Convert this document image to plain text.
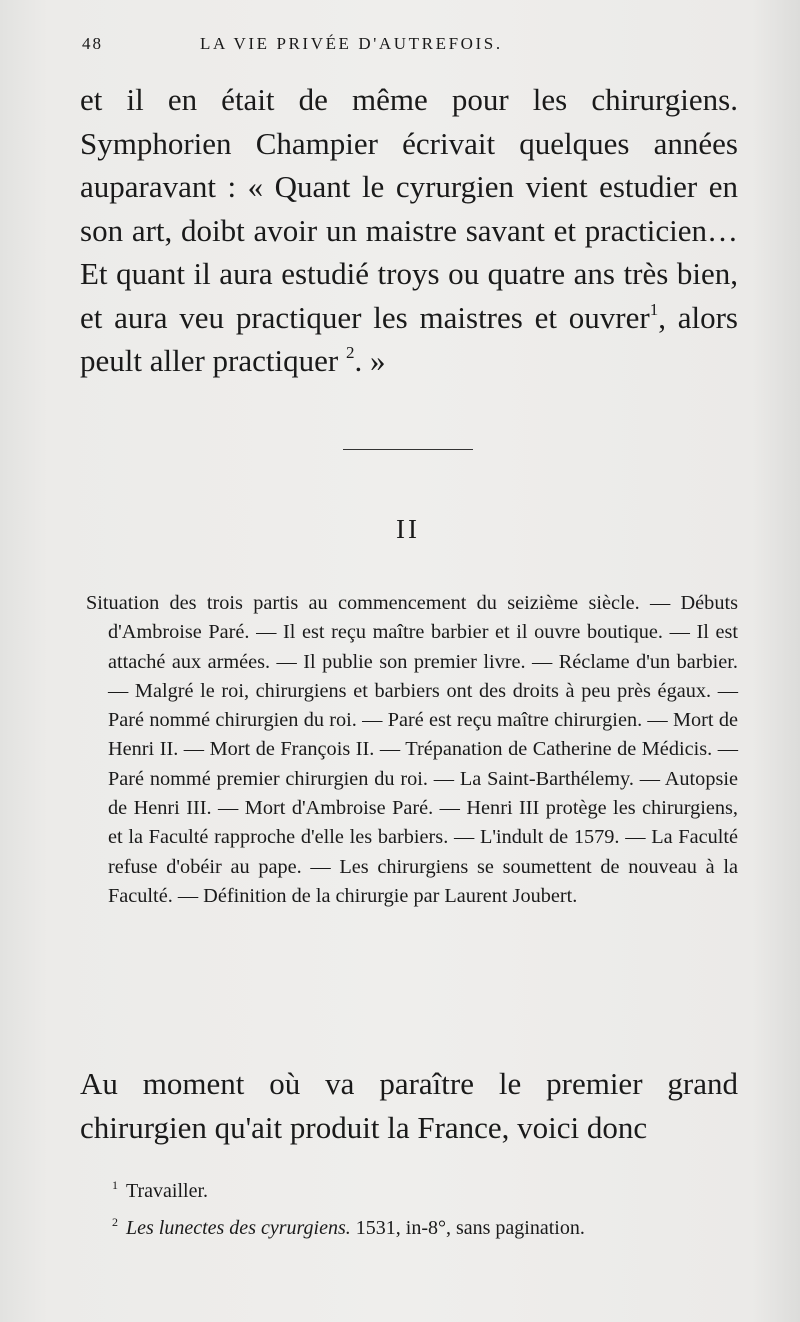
48	LA VIE PRIVÉE D'AUTREFOIS.

et il en était de même pour les chirurgiens. Symphorien Champier écrivait quelques années auparavant : « Quant le cyrurgien vient estudier en son art, doibt avoir un maistre savant et practicien… Et quant il aura estudié troys ou quatre ans très bien, et aura veu practiquer les maistres et ouvrer$^1$, alors peult aller practiquer $^2$. »

II

Situation des trois partis au commencement du seizième siècle. — Débuts d'Ambroise Paré. — Il est reçu maître barbier et il ouvre boutique. — Il est attaché aux armées. — Il publie son premier livre. — Réclame d'un barbier. — Malgré le roi, chirurgiens et barbiers ont des droits à peu près égaux. — Paré nommé chirurgien du roi. — Paré est reçu maître chirurgien. — Mort de Henri II. — Mort de François II. — Trépanation de Catherine de Médicis. — Paré nommé premier chirurgien du roi. — La Saint-Barthélemy. — Autopsie de Henri III. — Mort d'Ambroise Paré. — Henri III protège les chirurgiens, et la Faculté rapproche d'elle les barbiers. — L'indult de 1579. — La Faculté refuse d'obéir au pape. — Les chirurgiens se soumettent de nouveau à la Faculté. — Définition de la chirurgie par Laurent Joubert.

Au moment où va paraître le premier grand chirurgien qu'ait produit la France, voici donc

$^1$ Travailler.

$^2$ Les lunectes des cyrurgiens. 1531, in-8°, sans pagination.
